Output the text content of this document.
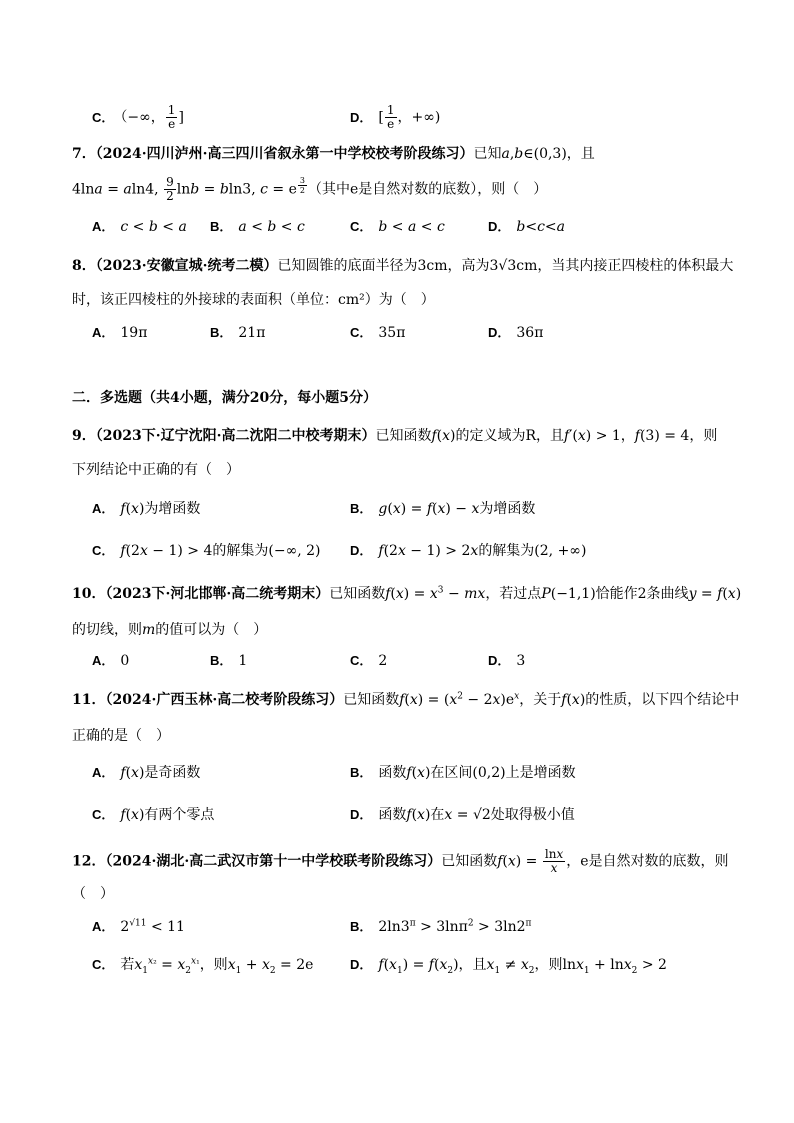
C． （−∞， $\frac{1}{e}$ ]	D． [ $\frac{1}{e}$ ，+∞)
7．（2024·四川泸州·高三四川省叙永第一中学校校考阶段练习）已知a,b∈(0,3)，且
4lna = aln4, $\frac{9}{2}$ lnb = bln3, c = e $^{\frac{3}{2}}$ （其中e是自然对数的底数），则（　）
A． c < b < a B． a < b < c	C． b < a < c	D． b<c<a
8．（2023·安徽宣城·统考二模）已知圆锥的底面半径为3cm，高为3√3cm，当其内接正四棱柱的体积最大
时，该正四棱柱的外接球的表面积（单位：cm²）为（　）
A． 19π	B． 21π	C． 35π	D． 36π
二．多选题（共4小题，满分20分，每小题5分）
9．（2023下·辽宁沈阳·高二沈阳二中校考期末）已知函数f(x)的定义域为R，且f′(x) > 1，f(3) = 4，则
下列结论中正确的有（　）
A． f(x)为增函数	B． g(x) = f(x) − x为增函数
C． f(2x − 1) > 4的解集为(−∞, 2) D． f(2x − 1) > 2x的解集为(2, +∞)
10．（2023下·河北邯郸·高二统考期末）已知函数$f(x) = x^3$ − mx，若过点P(−1,1)恰能作2条曲线y = f(x)
的切线，则m的值可以为（　）
A． 0	B． 1	C． 2	D． 3
11．（2024·广西玉林·高二校考阶段练习）已知函数$f(x) = (x^2 - 2x)e^x$，关于f(x)的性质，以下四个结论中
正确的是（　）
A． f(x)是奇函数	B． 函数f(x)在区间(0,2)上是增函数
C． f(x)有两个零点	D． 函数f(x)在x = √2处取得极小值
12．（2024·湖北·高二武汉市第十一中学校联考阶段练习）已知函数$f(x) = \frac{\ln x}{x}$ ，e是自然对数的底数，则
（　）
A． $2^{√11} < 11$	B． $2\ln 3^\pi > 3\ln\pi^2 > 3\ln 2^\pi$
C． 若$x_1^{x_2} = x_2^{x_1}$，则$x_1 + x_2 = 2e$	D． $f(x_1) = f(x_2)$，且$x_1 \ne x_2$，则lnx$_1$ + lnx$_2$ > 2
